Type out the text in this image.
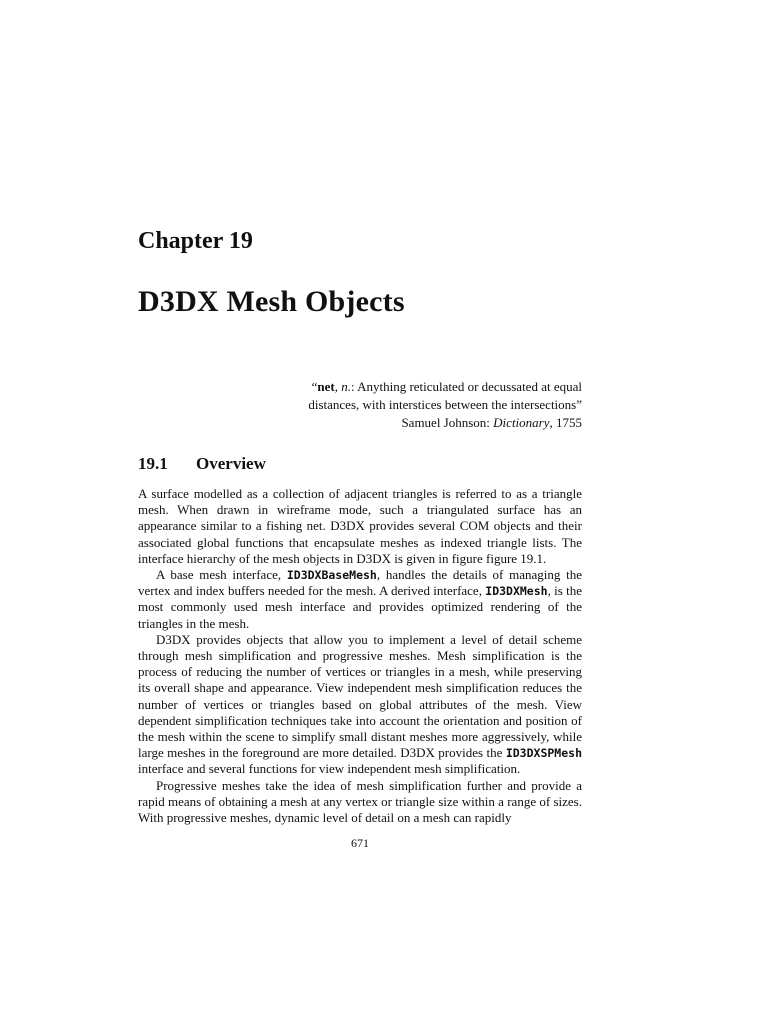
Chapter 19
D3DX Mesh Objects
“net, n.: Anything reticulated or decussated at equal
distances, with interstices between the intersections”
Samuel Johnson: Dictionary, 1755
19.1 Overview

A surface modelled as a collection of adjacent triangles is referred to as a triangle mesh. When drawn in wireframe mode, such a triangulated surface has an appearance similar to a fishing net. D3DX provides several COM objects and their associated global functions that encapsulate meshes as indexed triangle lists. The interface hierarchy of the mesh objects in D3DX is given in figure figure 19.1.

A base mesh interface, ID3DXBaseMesh, handles the details of managing the vertex and index buffers needed for the mesh. A derived interface, ID3DXMesh, is the most commonly used mesh interface and provides optimized rendering of the triangles in the mesh.

D3DX provides objects that allow you to implement a level of detail scheme through mesh simplification and progressive meshes. Mesh simplification is the process of reducing the number of vertices or triangles in a mesh, while preserving its overall shape and appearance. View independent mesh simplification reduces the number of vertices or triangles based on global attributes of the mesh. View dependent simplification techniques take into account the orientation and position of the mesh within the scene to simplify small distant meshes more aggressively, while large meshes in the foreground are more detailed. D3DX provides the ID3DXSPMesh interface and several functions for view independent mesh simplification.

Progressive meshes take the idea of mesh simplification further and provide a rapid means of obtaining a mesh at any vertex or triangle size within a range of sizes. With progressive meshes, dynamic level of detail on a mesh can rapidly

671
